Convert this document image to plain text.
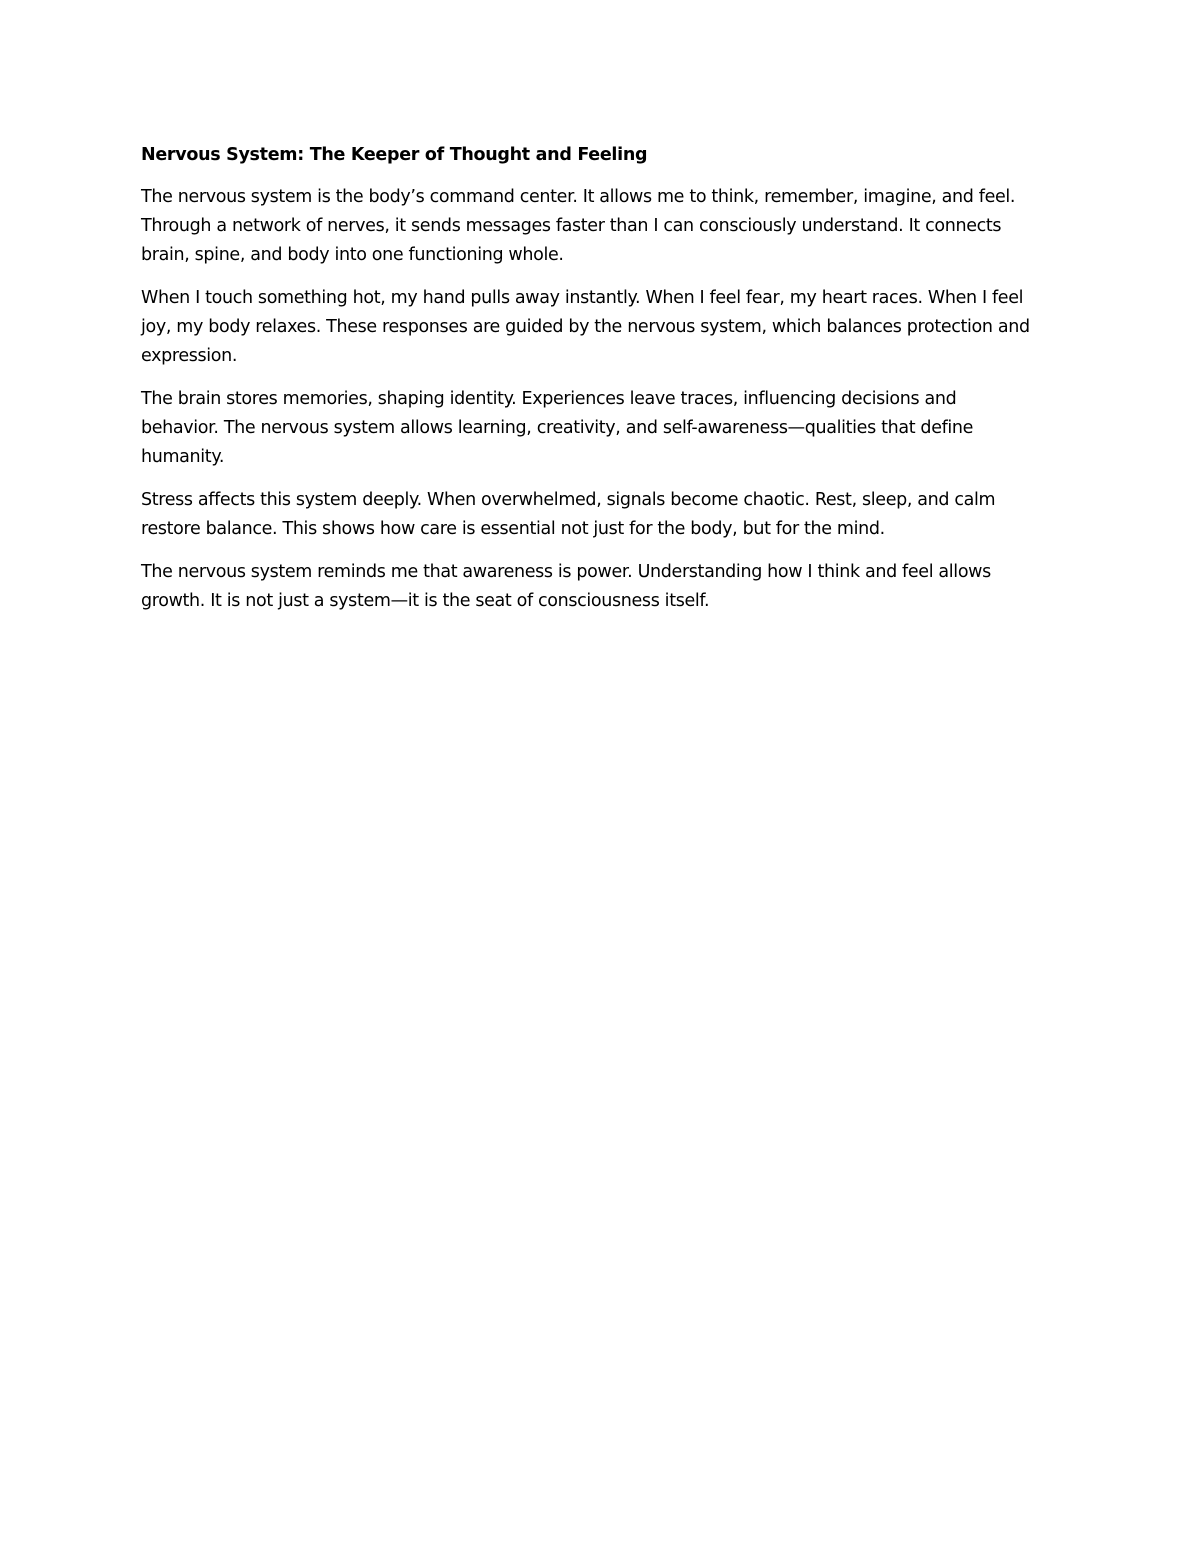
Nervous System: The Keeper of Thought and Feeling
The nervous system is the body’s command center. It allows me to think, remember, imagine, and feel.
Through a network of nerves, it sends messages faster than I can consciously understand. It connects
brain, spine, and body into one functioning whole.
When I touch something hot, my hand pulls away instantly. When I feel fear, my heart races. When I feel
joy, my body relaxes. These responses are guided by the nervous system, which balances protection and
expression.
The brain stores memories, shaping identity. Experiences leave traces, influencing decisions and
behavior. The nervous system allows learning, creativity, and self-awareness—qualities that define
humanity.
Stress affects this system deeply. When overwhelmed, signals become chaotic. Rest, sleep, and calm
restore balance. This shows how care is essential not just for the body, but for the mind.
The nervous system reminds me that awareness is power. Understanding how I think and feel allows
growth. It is not just a system—it is the seat of consciousness itself.
